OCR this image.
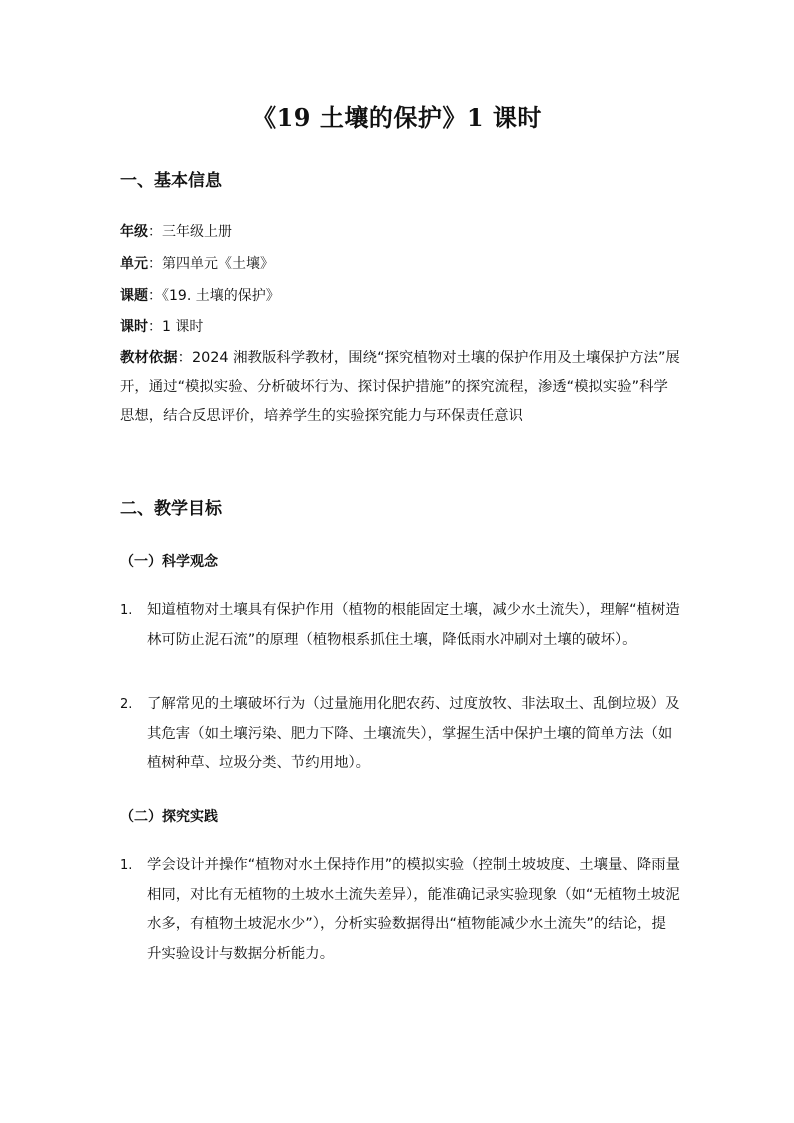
《19 土壤的保护》1 课时
一、基本信息
年级：三年级上册
单元：第四单元《土壤》
课题：《19. 土壤的保护》
课时：1 课时
教材依据：2024 湘教版科学教材，围绕“探究植物对土壤的保护作用及土壤保护方法”展开，通过“模拟实验、分析破坏行为、探讨保护措施”的探究流程，渗透“模拟实验”科学思想，结合反思评价，培养学生的实验探究能力与环保责任意识
二、教学目标
（一）科学观念
1. 知道植物对土壤具有保护作用（植物的根能固定土壤，减少水土流失），理解“植树造林可防止泥石流”的原理（植物根系抓住土壤，降低雨水冲刷对土壤的破坏）。
2. 了解常见的土壤破坏行为（过量施用化肥农药、过度放牧、非法取土、乱倒垃圾）及其危害（如土壤污染、肥力下降、土壤流失），掌握生活中保护土壤的简单方法（如植树种草、垃圾分类、节约用地）。
（二）探究实践
1. 学会设计并操作“植物对水土保持作用”的模拟实验（控制土坡坡度、土壤量、降雨量相同，对比有无植物的土坡水土流失差异），能准确记录实验现象（如“无植物土坡泥水多，有植物土坡泥水少”），分析实验数据得出“植物能减少水土流失”的结论，提升实验设计与数据分析能力。
